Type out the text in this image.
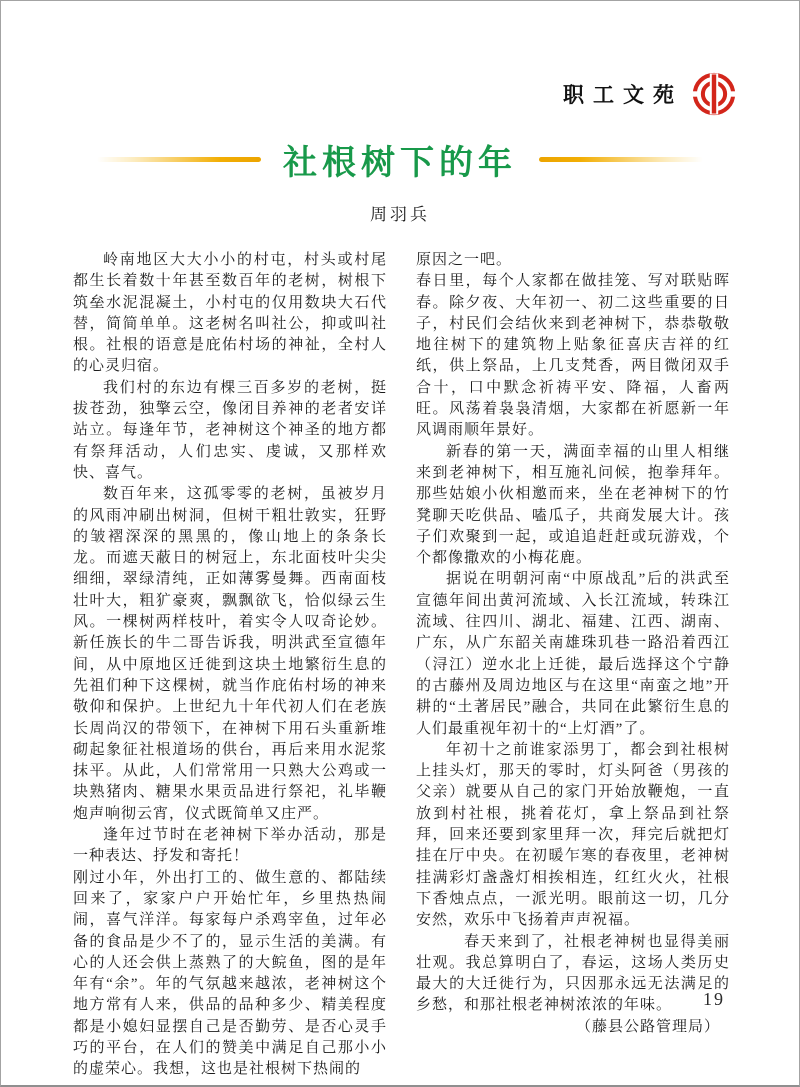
职工文苑
社根树下的年
周羽兵

岭南地区大大小小的村屯，村头或村尾都生长着数十年甚至数百年的老树，树根下筑垒水泥混凝土，小村屯的仅用数块大石代替，简简单单。这老树名叫社公，抑或叫社根。社根的语意是庇佑村场的神祉，全村人的心灵归宿。

我们村的东边有棵三百多岁的老树，挺拔苍劲，独擎云空，像闭目养神的老者安详站立。每逢年节，老神树这个神圣的地方都有祭拜活动，人们忠实、虔诚，又那样欢快、喜气。

数百年来，这孤零零的老树，虽被岁月的风雨冲刷出树洞，但树干粗壮敦实，狂野的皱褶深深的黑黑的，像山地上的条条长龙。而遮天蔽日的树冠上，东北面枝叶尖尖细细，翠绿清纯，正如薄雾曼舞。西南面枝壮叶大，粗犷豪爽，飘飘欲飞，恰似绿云生风。一棵树两样枝叶，着实令人叹奇论妙。新任族长的牛二哥告诉我，明洪武至宣德年间，从中原地区迁徙到这块土地繁衍生息的先祖们种下这棵树，就当作庇佑村场的神来敬仰和保护。上世纪九十年代初人们在老族长周尚汉的带领下，在神树下用石头重新堆砌起象征社根道场的供台，再后来用水泥浆抹平。从此，人们常常用一只熟大公鸡或一块熟猪肉、糖果水果贡品进行祭祀，礼毕鞭炮声响彻云宵，仪式既简单又庄严。

逢年过节时在老神树下举办活动，那是一种表达、抒发和寄托！

刚过小年，外出打工的、做生意的、都陆续回来了，家家户户开始忙年，乡里热热闹闹，喜气洋洋。每家每户杀鸡宰鱼，过年必备的食品是少不了的，显示生活的美满。有心的人还会供上蒸熟了的大鲩鱼，图的是年年有“余”。年的气氛越来越浓，老神树这个地方常有人来，供品的品种多少、精美程度都是小媳妇显摆自己是否勤劳、是否心灵手巧的平台，在人们的赞美中满足自己那小小的虚荣心。我想，这也是社根树下热闹的

原因之一吧。

春日里，每个人家都在做挂笼、写对联贴晖春。除夕夜、大年初一、初二这些重要的日子，村民们会结伙来到老神树下，恭恭敬敬地往树下的建筑物上贴象征喜庆吉祥的红纸，供上祭品，上几支梵香，两目微闭双手合十，口中默念祈祷平安、降福，人畜两旺。风荡着袅袅清烟，大家都在祈愿新一年风调雨顺年景好。

新春的第一天，满面幸福的山里人相继来到老神树下，相互施礼问候，抱拳拜年。那些姑娘小伙相邀而来，坐在老神树下的竹凳聊天吃供品、嗑瓜子，共商发展大计。孩子们欢聚到一起，或追追赶赶或玩游戏，个个都像撒欢的小梅花鹿。

据说在明朝河南“中原战乱”后的洪武至宣德年间出黄河流域、入长江流域，转珠江流域、往四川、湖北、福建、江西、湖南、广东，从广东韶关南雄珠玑巷一路沿着西江（浔江）逆水北上迁徙，最后选择这个宁静的古藤州及周边地区与在这里“南蛮之地”开耕的“土著居民”融合，共同在此繁衍生息的人们最重视年初十的“上灯酒”了。

年初十之前谁家添男丁，都会到社根树上挂头灯，那天的零时，灯头阿爸（男孩的父亲）就要从自己的家门开始放鞭炮，一直放到村社根，挑着花灯，拿上祭品到社祭拜，回来还要到家里拜一次，拜完后就把灯挂在厅中央。在初暖乍寒的春夜里，老神树挂满彩灯盏盏灯相挨相连，红红火火，社根下香烛点点，一派光明。眼前这一切，几分安然，欢乐中飞扬着声声祝福。

春天来到了，社根老神树也显得美丽壮观。我总算明白了，春运，这场人类历史最大的大迁徙行为，只因那永远无法满足的乡愁，和那社根老神树浓浓的年味。

（藤县公路管理局）

19
